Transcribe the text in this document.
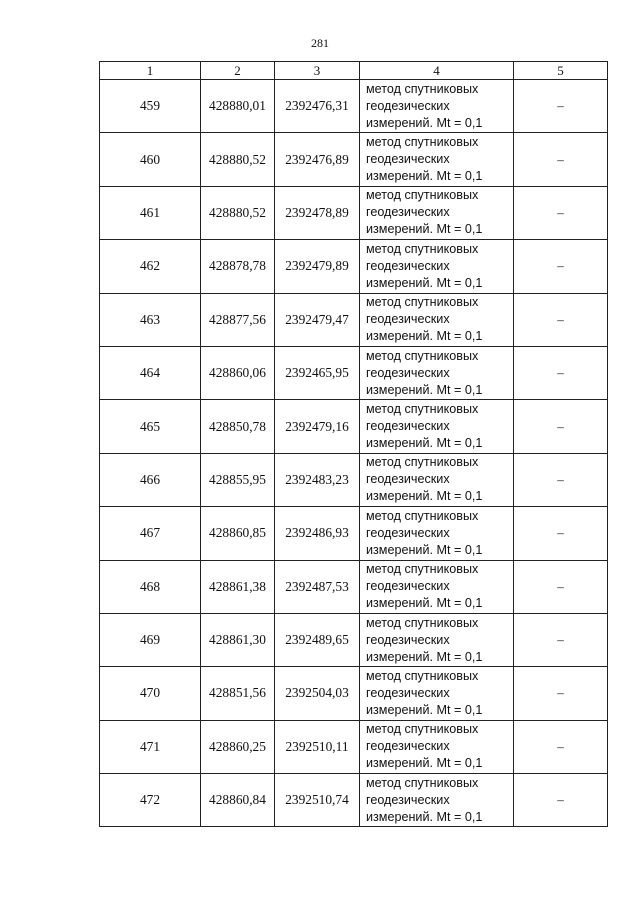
281
1	2	3	4	5
459	428880,01	2392476,31	метод спутниковых
геодезических
измерений. Mt = 0,1	–
460	428880,52	2392476,89	метод спутниковых
геодезических
измерений. Mt = 0,1	–
461	428880,52	2392478,89	метод спутниковых
геодезических
измерений. Mt = 0,1	–
462	428878,78	2392479,89	метод спутниковых
геодезических
измерений. Mt = 0,1	–
463	428877,56	2392479,47	метод спутниковых
геодезических
измерений. Mt = 0,1	–
464	428860,06	2392465,95	метод спутниковых
геодезических
измерений. Mt = 0,1	–
465	428850,78	2392479,16	метод спутниковых
геодезических
измерений. Mt = 0,1	–
466	428855,95	2392483,23	метод спутниковых
геодезических
измерений. Mt = 0,1	–
467	428860,85	2392486,93	метод спутниковых
геодезических
измерений. Mt = 0,1	–
468	428861,38	2392487,53	метод спутниковых
геодезических
измерений. Mt = 0,1	–
469	428861,30	2392489,65	метод спутниковых
геодезических
измерений. Mt = 0,1	–
470	428851,56	2392504,03	метод спутниковых
геодезических
измерений. Mt = 0,1	–
471	428860,25	2392510,11	метод спутниковых
геодезических
измерений. Mt = 0,1	–
472	428860,84	2392510,74	метод спутниковых
геодезических
измерений. Mt = 0,1	–
